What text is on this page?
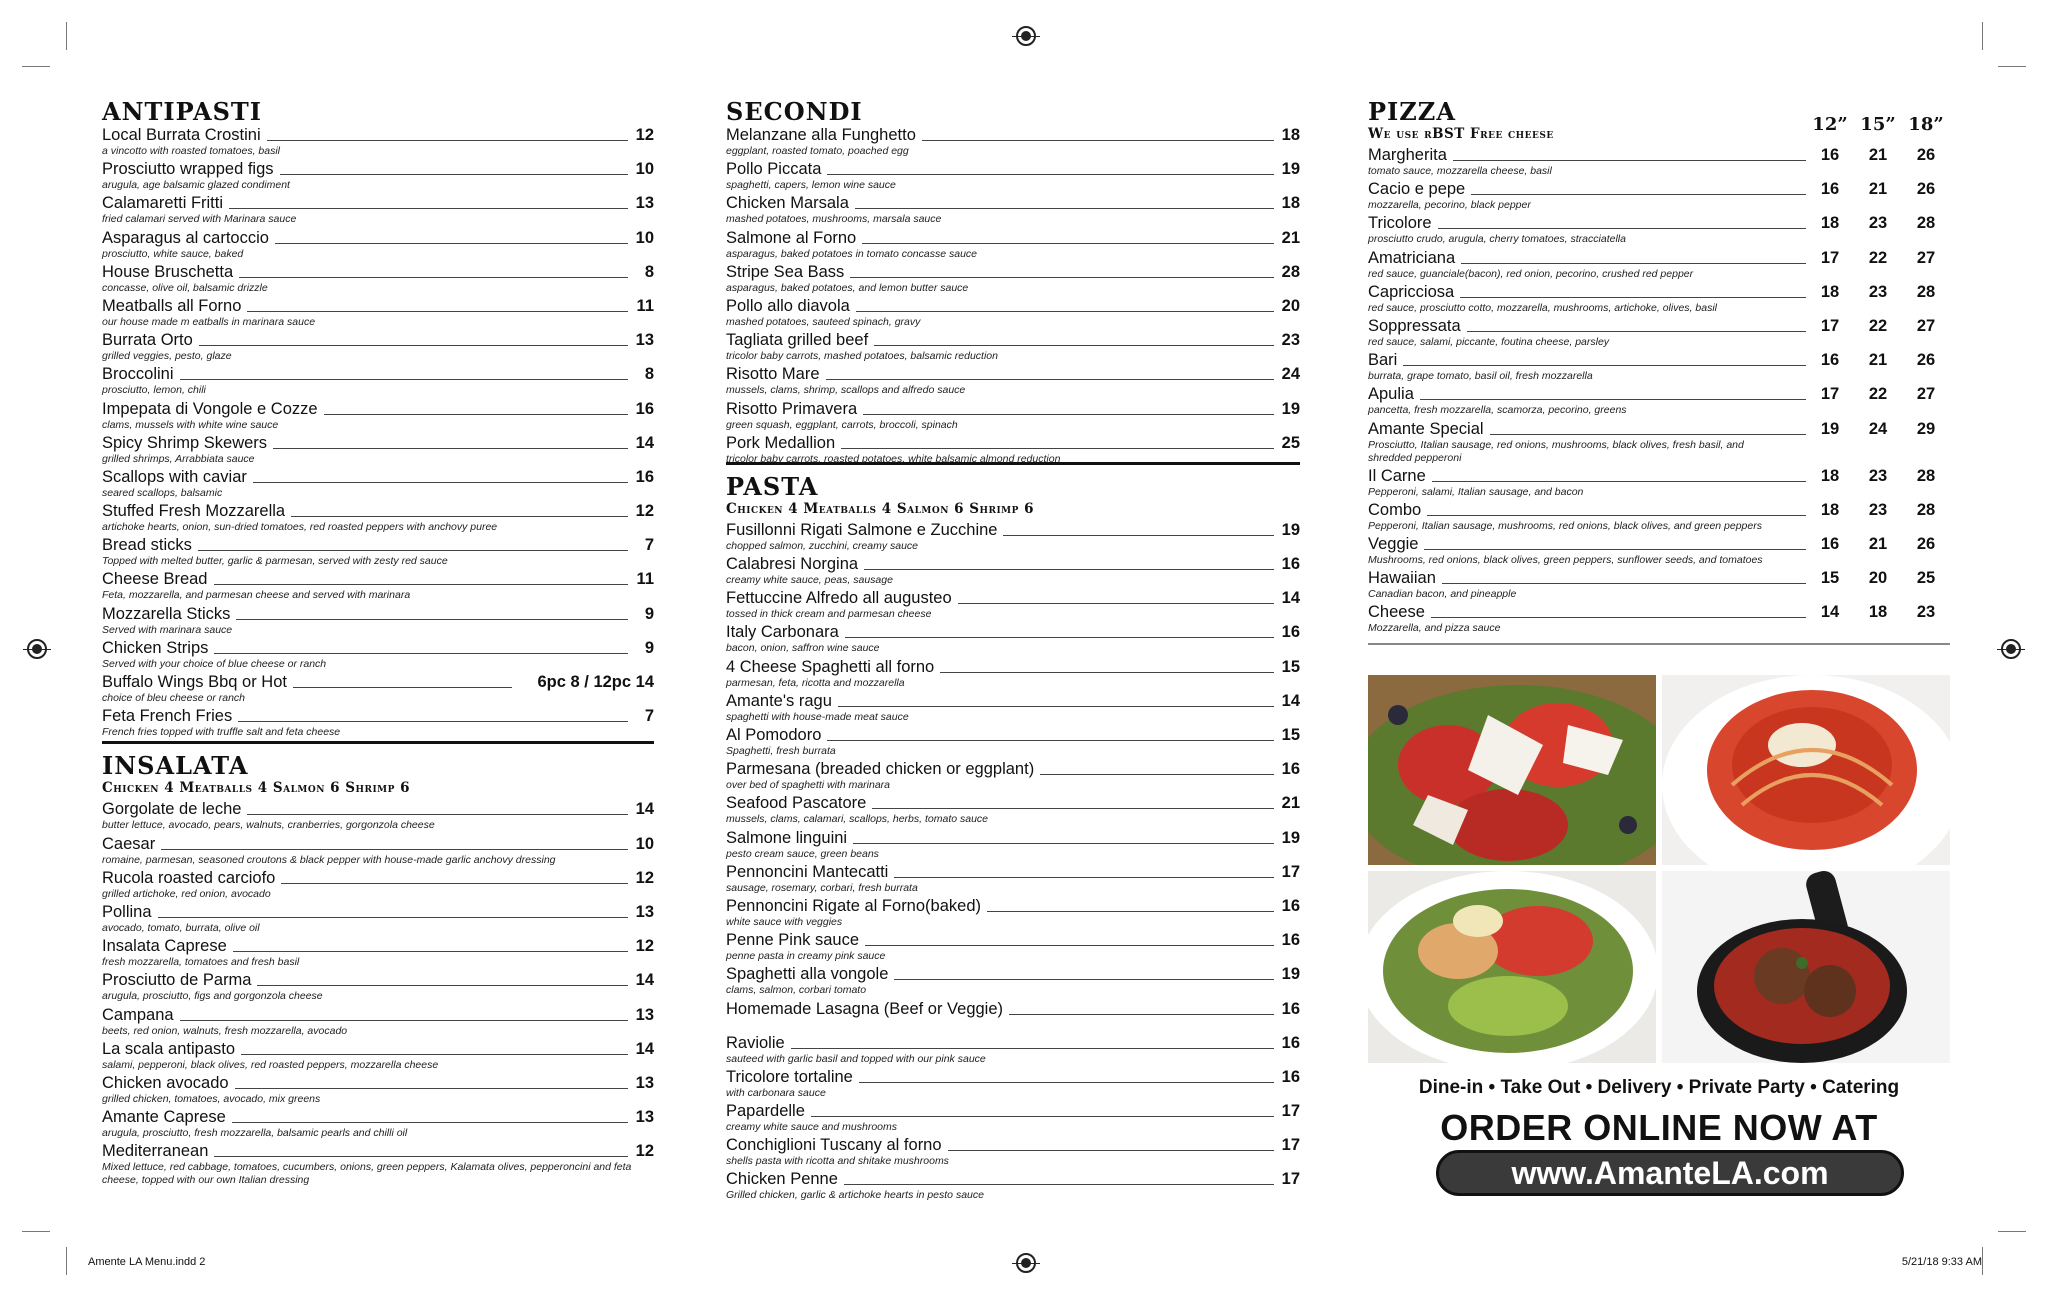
ANTIPASTI
Local Burrata Crostini	12
a vincotto with roasted tomatoes, basil
Prosciutto wrapped figs	10
arugula, age balsamic glazed condiment
Calamaretti Fritti	13
fried calamari served with Marinara sauce
Asparagus al cartoccio	10
prosciutto, white sauce, baked
House Bruschetta	8
concasse, olive oil, balsamic drizzle
Meatballs all Forno	11
our house made m eatballs in marinara sauce
Burrata Orto	13
grilled veggies, pesto, glaze
Broccolini	8
prosciutto, lemon, chili
Impepata di Vongole e Cozze	16
clams, mussels with white wine sauce
Spicy Shrimp Skewers	14
grilled shrimps, Arrabbiata sauce
Scallops with caviar	16
seared scallops, balsamic
Stuffed Fresh Mozzarella	12
artichoke hearts, onion, sun-dried tomatoes, red roasted peppers with anchovy puree
Bread sticks	7
Topped with melted butter, garlic & parmesan, served with zesty red sauce
Cheese Bread	11
Feta, mozzarella, and parmesan cheese and served with marinara
Mozzarella Sticks	9
Served with marinara sauce
Chicken Strips	9
Served with your choice of blue cheese or ranch
Buffalo Wings Bbq or Hot	6pc 8 / 12pc 14
choice of bleu cheese or ranch
Feta French Fries	7
French fries topped with truffle salt and feta cheese
INSALATA
Chicken 4 Meatballs 4 Salmon 6 Shrimp 6
Gorgolate de leche	14
butter lettuce, avocado, pears, walnuts, cranberries, gorgonzola cheese
Caesar	10
romaine, parmesan, seasoned croutons & black pepper with house-made garlic anchovy dressing
Rucola roasted carciofo	12
grilled artichoke, red onion, avocado
Pollina	13
avocado, tomato, burrata, olive oil
Insalata Caprese	12
fresh mozzarella, tomatoes and fresh basil
Prosciutto de Parma	14
arugula, prosciutto, figs and gorgonzola cheese
Campana	13
beets, red onion, walnuts, fresh mozzarella, avocado
La scala antipasto	14
salami, pepperoni, black olives, red roasted peppers, mozzarella cheese
Chicken avocado	13
grilled chicken, tomatoes, avocado, mix greens
Amante Caprese	13
arugula, prosciutto, fresh mozzarella, balsamic pearls and chilli oil
Mediterranean	12
Mixed lettuce, red cabbage, tomatoes, cucumbers, onions, green peppers, Kalamata olives, pepperoncini and feta cheese, topped with our own Italian dressing
SECONDI
Melanzane alla Funghetto	18
eggplant, roasted tomato, poached egg
Pollo Piccata	19
spaghetti, capers, lemon wine sauce
Chicken Marsala	18
mashed potatoes, mushrooms, marsala sauce
Salmone al Forno	21
asparagus, baked potatoes in tomato concasse sauce
Stripe Sea Bass	28
asparagus, baked potatoes, and lemon butter sauce
Pollo allo diavola	20
mashed potatoes, sauteed spinach, gravy
Tagliata grilled beef	23
tricolor baby carrots, mashed potatoes, balsamic reduction
Risotto Mare	24
mussels, clams, shrimp, scallops and alfredo sauce
Risotto Primavera	19
green squash, eggplant, carrots, broccoli, spinach
Pork Medallion	25
tricolor baby carrots, roasted potatoes, white balsamic almond reduction
PASTA
Chicken 4 Meatballs 4 Salmon 6 Shrimp 6
Fusillonni Rigati Salmone e Zucchine	19
chopped salmon, zucchini, creamy sauce
Calabresi Norgina	16
creamy white sauce, peas, sausage
Fettuccine Alfredo all augusteo	14
tossed in thick cream and parmesan cheese
Italy Carbonara	16
bacon, onion, saffron wine sauce
4 Cheese Spaghetti all forno	15
parmesan, feta, ricotta and mozzarella
Amante's ragu	14
spaghetti with house-made meat sauce
Al Pomodoro	15
Spaghetti, fresh burrata
Parmesana (breaded chicken or eggplant)	16
over bed of spaghetti with marinara
Seafood Pascatore	21
mussels, clams, calamari, scallops, herbs, tomato sauce
Salmone linguini	19
pesto cream sauce, green beans
Pennoncini Mantecatti	17
sausage, rosemary, corbari, fresh burrata
Pennoncini Rigate al Forno(baked)	16
white sauce with veggies
Penne Pink sauce	16
penne pasta in creamy pink sauce
Spaghetti alla vongole	19
clams, salmon, corbari tomato
Homemade Lasagna (Beef or Veggie)	16
Raviolie	16
sauteed with garlic basil and topped with our pink sauce
Tricolore tortaline	16
with carbonara sauce
Papardelle	17
creamy white sauce and mushrooms
Conchiglioni Tuscany al forno	17
shells pasta with ricotta and shitake mushrooms
Chicken Penne	17
Grilled chicken, garlic & artichoke hearts in pesto sauce
PIZZA
We use rBST Free cheese	12” 15” 18”
Margherita	16	21	26
tomato sauce, mozzarella cheese, basil
Cacio e pepe	16	21	26
mozzarella, pecorino, black pepper
Tricolore	18	23	28
prosciutto crudo, arugula, cherry tomatoes, stracciatella
Amatriciana	17	22	27
red sauce, guanciale(bacon), red onion, pecorino, crushed red pepper
Capricciosa	18	23	28
red sauce, prosciutto cotto, mozzarella, mushrooms, artichoke, olives, basil
Soppressata	17	22	27
red sauce, salami, piccante, foutina cheese, parsley
Bari	16	21	26
burrata, grape tomato, basil oil, fresh mozzarella
Apulia	17	22	27
pancetta, fresh mozzarella, scamorza, pecorino, greens
Amante Special	19	24	29
Prosciutto, Italian sausage, red onions, mushrooms, black olives, fresh basil, and shredded pepperoni
Il Carne	18	23	28
Pepperoni, salami, Italian sausage, and bacon
Combo	18	23	28
Pepperoni, Italian sausage, mushrooms, red onions, black olives, and green peppers
Veggie	16	21	26
Mushrooms, red onions, black olives, green peppers, sunflower seeds, and tomatoes
Hawaiian	15	20	25
Canadian bacon, and pineapple
Cheese	14	18	23
Mozzarella, and pizza sauce
Dine-in • Take Out • Delivery • Private Party • Catering
ORDER ONLINE NOW AT
www.AmanteLA.com
Amente LA Menu.indd 2	5/21/18 9:33 AM
